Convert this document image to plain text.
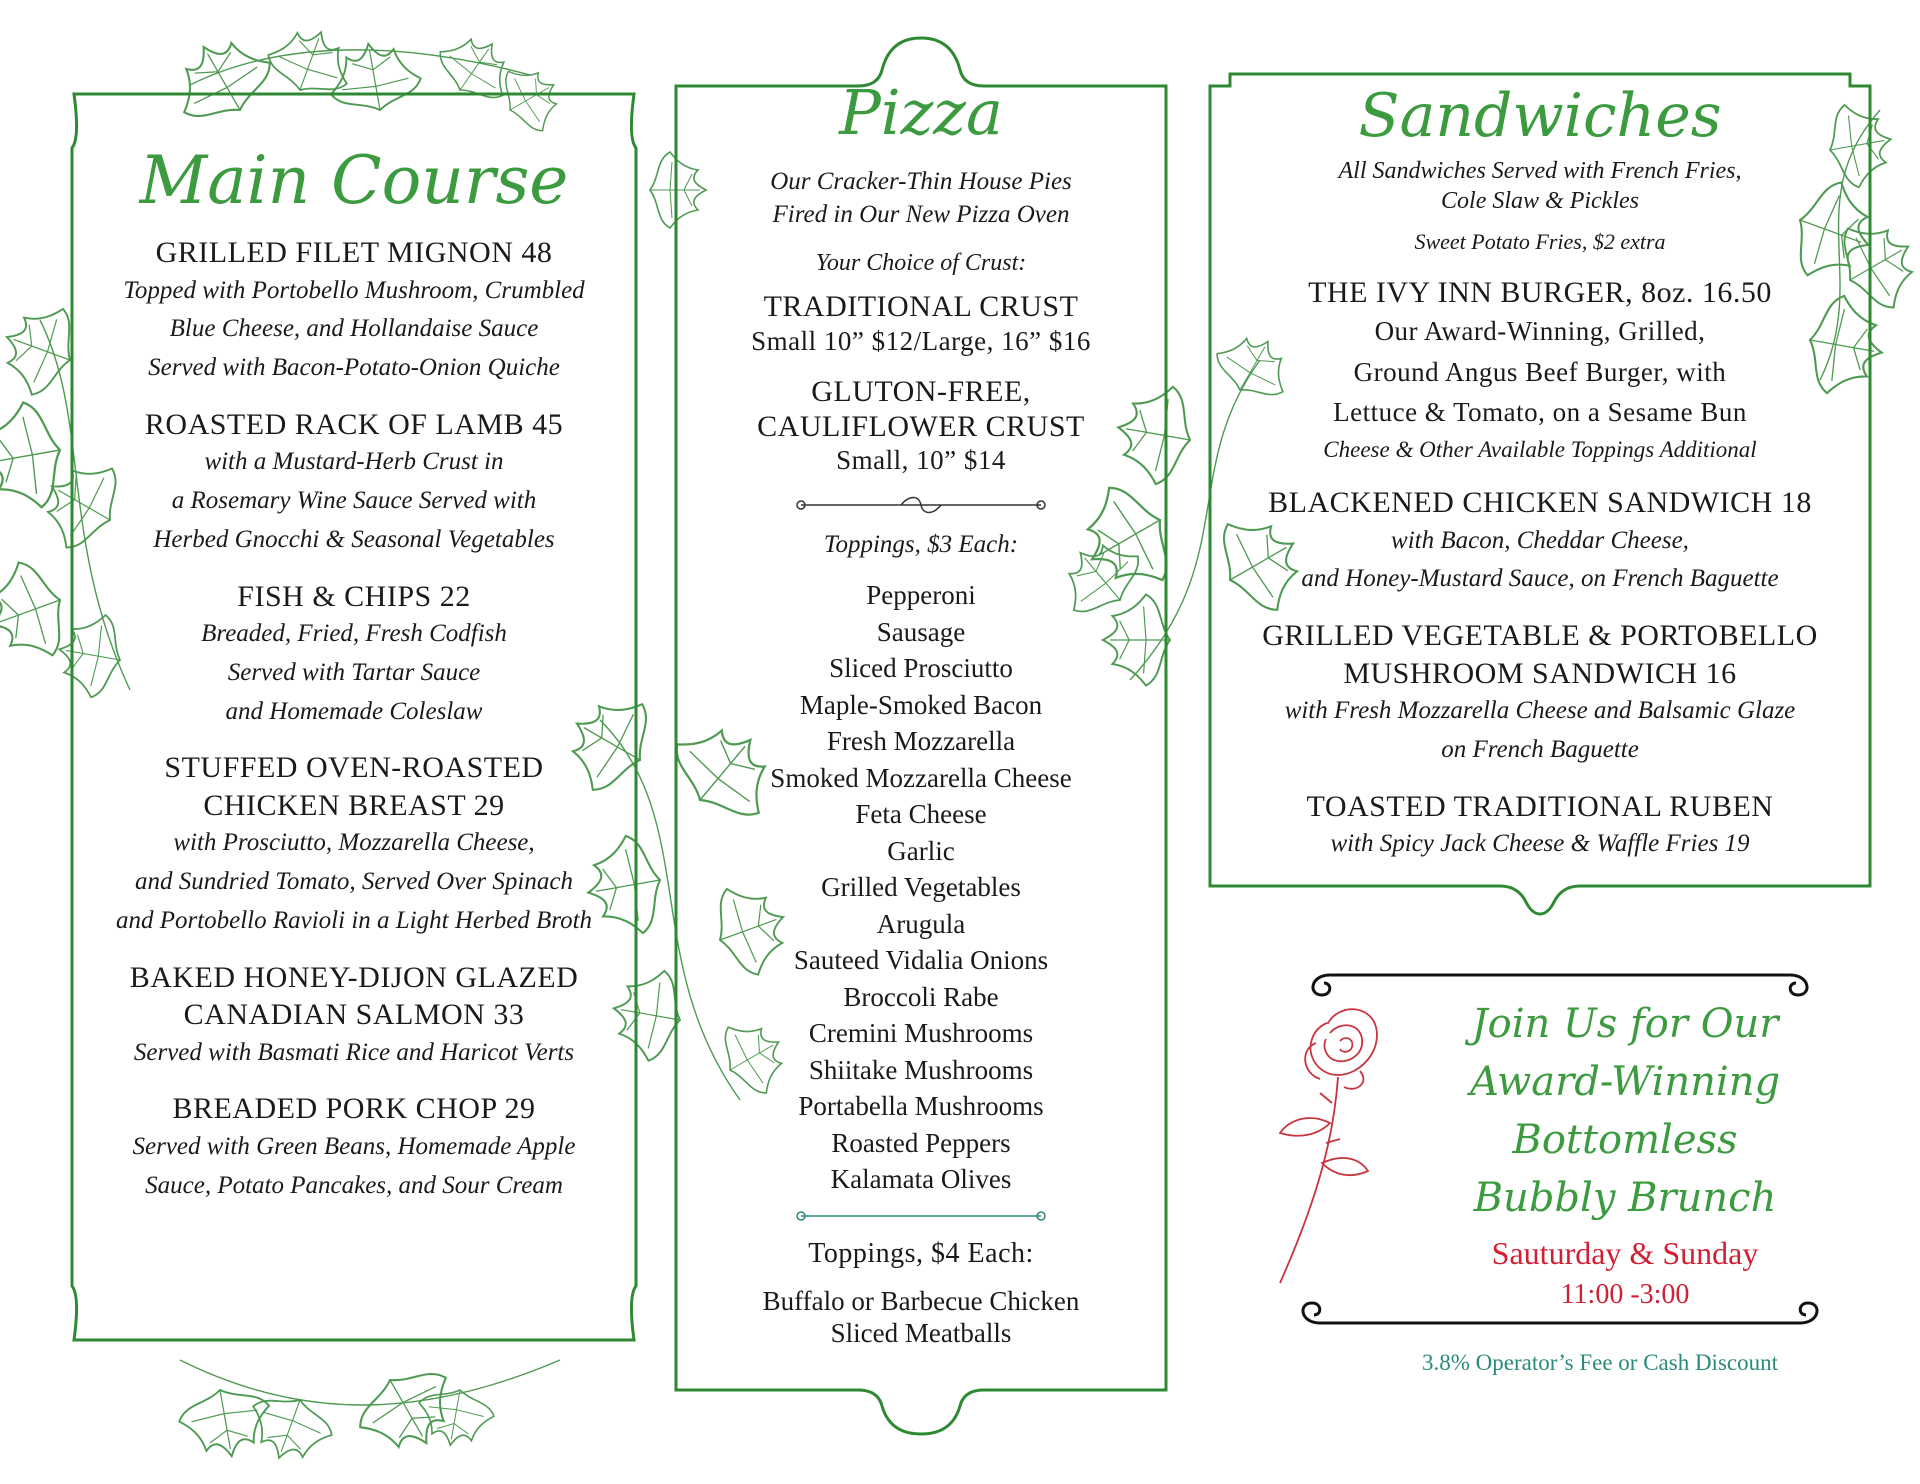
Main Course

GRILLED FILET MIGNON 48

Topped with Portobello Mushroom, Crumbled

Blue Cheese, and Hollandaise Sauce

Served with Bacon-Potato-Onion Quiche

ROASTED RACK OF LAMB 45

with a Mustard-Herb Crust in

a Rosemary Wine Sauce Served with

Herbed Gnocchi & Seasonal Vegetables

FISH & CHIPS 22

Breaded, Fried, Fresh Codfish

Served with Tartar Sauce

and Homemade Coleslaw

STUFFED OVEN-ROASTED

CHICKEN BREAST 29

with Prosciutto, Mozzarella Cheese,

and Sundried Tomato, Served Over Spinach

and Portobello Ravioli in a Light Herbed Broth

BAKED HONEY-DIJON GLAZED

CANADIAN SALMON 33

Served with Basmati Rice and Haricot Verts

BREADED PORK CHOP 29

Served with Green Beans, Homemade Apple

Sauce, Potato Pancakes, and Sour Cream

Pizza

Our Cracker-Thin House Pies

Fired in Our New Pizza Oven

Your Choice of Crust:

TRADITIONAL CRUST

Small 10” $12/Large, 16” $16

GLUTON-FREE,

CAULIFLOWER CRUST

Small, 10” $14

Toppings, $3 Each:

Pepperoni

Sausage

Sliced Prosciutto

Maple-Smoked Bacon

Fresh Mozzarella

Smoked Mozzarella Cheese

Feta Cheese

Garlic

Grilled Vegetables

Arugula

Sauteed Vidalia Onions

Broccoli Rabe

Cremini Mushrooms

Shiitake Mushrooms

Portabella Mushrooms

Roasted Peppers

Kalamata Olives

Toppings, $4 Each:

Buffalo or Barbecue Chicken

Sliced Meatballs

Sandwiches

All Sandwiches Served with French Fries,

Cole Slaw & Pickles

Sweet Potato Fries, $2 extra

THE IVY INN BURGER, 8oz. 16.50

Our Award-Winning, Grilled,

Ground Angus Beef Burger, with

Lettuce & Tomato, on a Sesame Bun

Cheese & Other Available Toppings Additional

BLACKENED CHICKEN SANDWICH 18

with Bacon, Cheddar Cheese,

and Honey-Mustard Sauce, on French Baguette

GRILLED VEGETABLE & PORTOBELLO

MUSHROOM SANDWICH 16

with Fresh Mozzarella Cheese and Balsamic Glaze

on French Baguette

TOASTED TRADITIONAL RUBEN

with Spicy Jack Cheese & Waffle Fries 19

Join Us for Our

Award-Winning

Bottomless

Bubbly Brunch

Sauturday & Sunday

11:00 -3:00

3.8% Operator’s Fee or Cash Discount
